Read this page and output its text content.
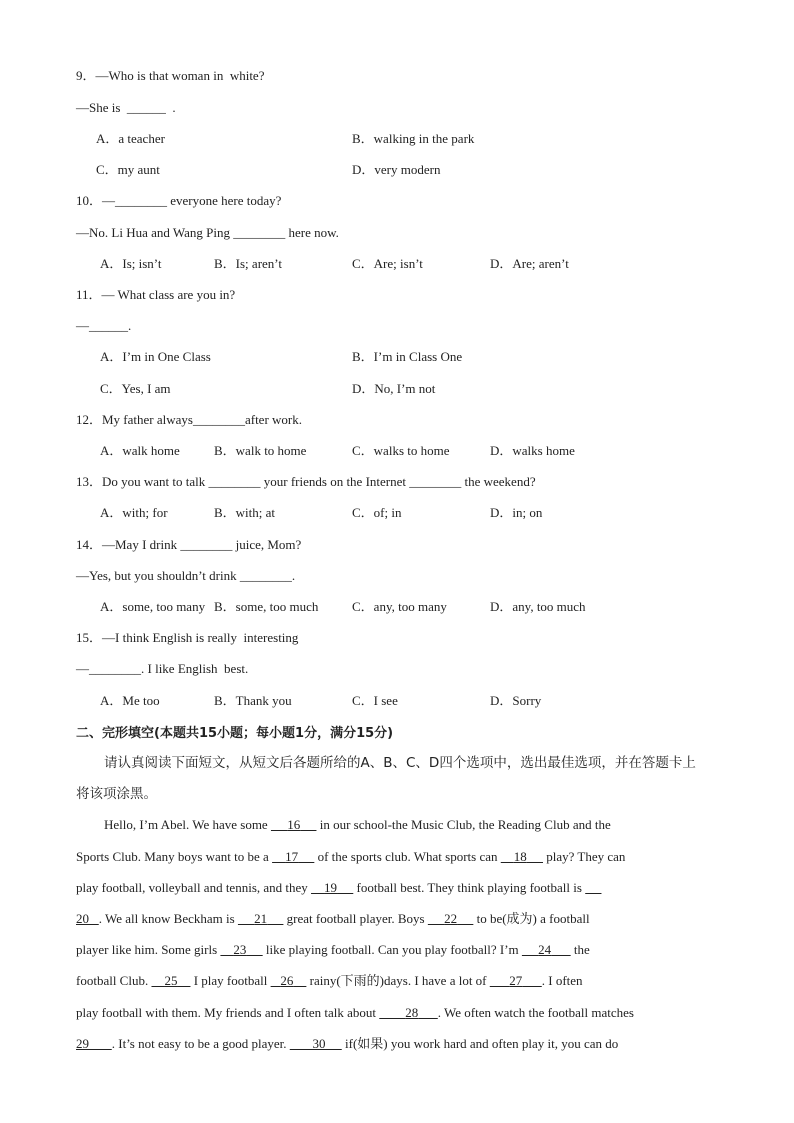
9．—Who is that woman in  white?
—She is  ______  .
A．a teacher	B．walking in the park
C．my aunt	D．very modern
10．—________ everyone here today?
—No. Li Hua and Wang Ping ________ here now.
A．Is; isn’t	B．Is; aren’t	C．Are; isn’t	D．Are; aren’t
11．— What class are you in?
—______.
A．I’m in One Class	B．I’m in Class One
C．Yes, I am	D．No, I’m not
12．My father always________after work.
A．walk home	B．walk to home	C．walks to home	D．walks home
13．Do you want to talk ________ your friends on the Internet ________ the weekend?
A．with; for	B．with; at	C．of; in	D．in; on
14．—May I drink ________ juice, Mom?
—Yes, but you shouldn’t drink ________.
A．some, too many B．some, too much	C．any, too many	D．any, too much
15．—I think English is really  interesting
—________. I like English  best.
A．Me too	B．Thank you	C．I see	D．Sorry
二、完形填空(本题共15小题；每小题1分，满分15分)
请认真阅读下面短文，从短文后各题所给的A、B、C、D四个选项中，选出最佳选项，并在答题卡上
将该项涂黑。
Hello, I’m Abel. We have some      16      in our school-the Music Club, the Reading Club and the
Sports Club. Many boys want to be a     17      of the sports club. What sports can     18      play? They can
play football, volleyball and tennis, and they     19      football best. They think playing football is
20 . We all know Beckham is      21      great football player. Boys      22      to be(成为) a football
player like him. Some girls     23      like playing football. Can you play football? I’m      24       the
football Club.     25     I play football    26     rainy(下雨的)days. I have a lot of       27 . I often
play football with them. My friends and I often talk about         28 . We often watch the football matches
29 . It’s not easy to be a good player.        30      if(如果) you work hard and often play it, you can do
